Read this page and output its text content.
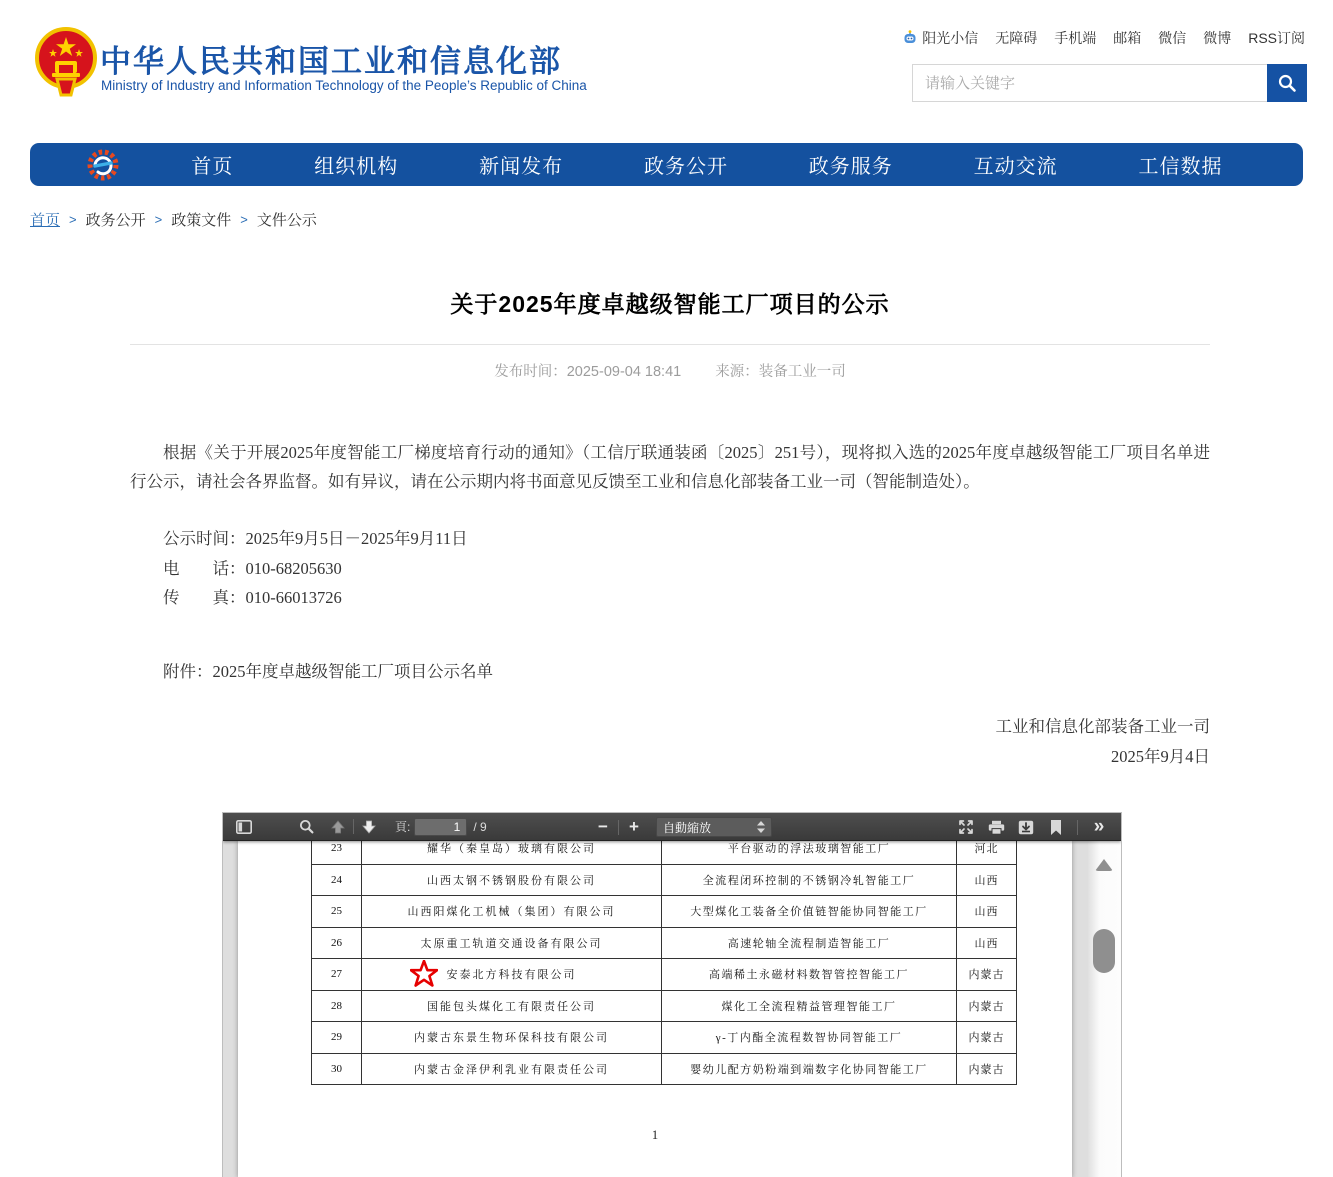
中华人民共和国工业和信息化部
Ministry of Industry and Information Technology of the People’s Republic of China
阳光小信 无障碍 手机端 邮箱 微信 微博 RSS订阅
请输入关键字
首页	组织机构	新闻发布	政务公开	政务服务	互动交流	工信数据
首页 > 政务公开 > 政策文件 > 文件公示
关于2025年度卓越级智能工厂项目的公示
发布时间：2025-09-04 18:41 来源：装备工业一司

根据《关于开展2025年度智能工厂梯度培育行动的通知》（工信厅联通装函〔2025〕251号），现将拟入选的2025年度卓越级智能工厂项目名单进行公示，请社会各界监督。如有异议，请在公示期内将书面意见反馈至工业和信息化部装备工业一司（智能制造处）。

公示时间：2025年9月5日－2025年9月11日
电　　话：010-68205630
传　　真：010-66013726

附件：2025年度卓越级智能工厂项目公示名单

工业和信息化部装备工业一司
2025年9月4日
頁:
1	/ 9	−	+	自動縮放	»
23	耀华（秦皇岛）玻璃有限公司	平台驱动的浮法玻璃智能工厂	河北
24	山西太钢不锈钢股份有限公司	全流程闭环控制的不锈钢冷轧智能工厂	山西
25	山西阳煤化工机械（集团）有限公司	大型煤化工装备全价值链智能协同智能工厂	山西
26	太原重工轨道交通设备有限公司	高速轮轴全流程制造智能工厂	山西
27	安泰北方科技有限公司	高端稀土永磁材料数智管控智能工厂	内蒙古
28	国能包头煤化工有限责任公司	煤化工全流程精益管理智能工厂	内蒙古
29	内蒙古东景生物环保科技有限公司	γ-丁内酯全流程数智协同智能工厂	内蒙古
30	内蒙古金泽伊利乳业有限责任公司	婴幼儿配方奶粉端到端数字化协同智能工厂	内蒙古
1
